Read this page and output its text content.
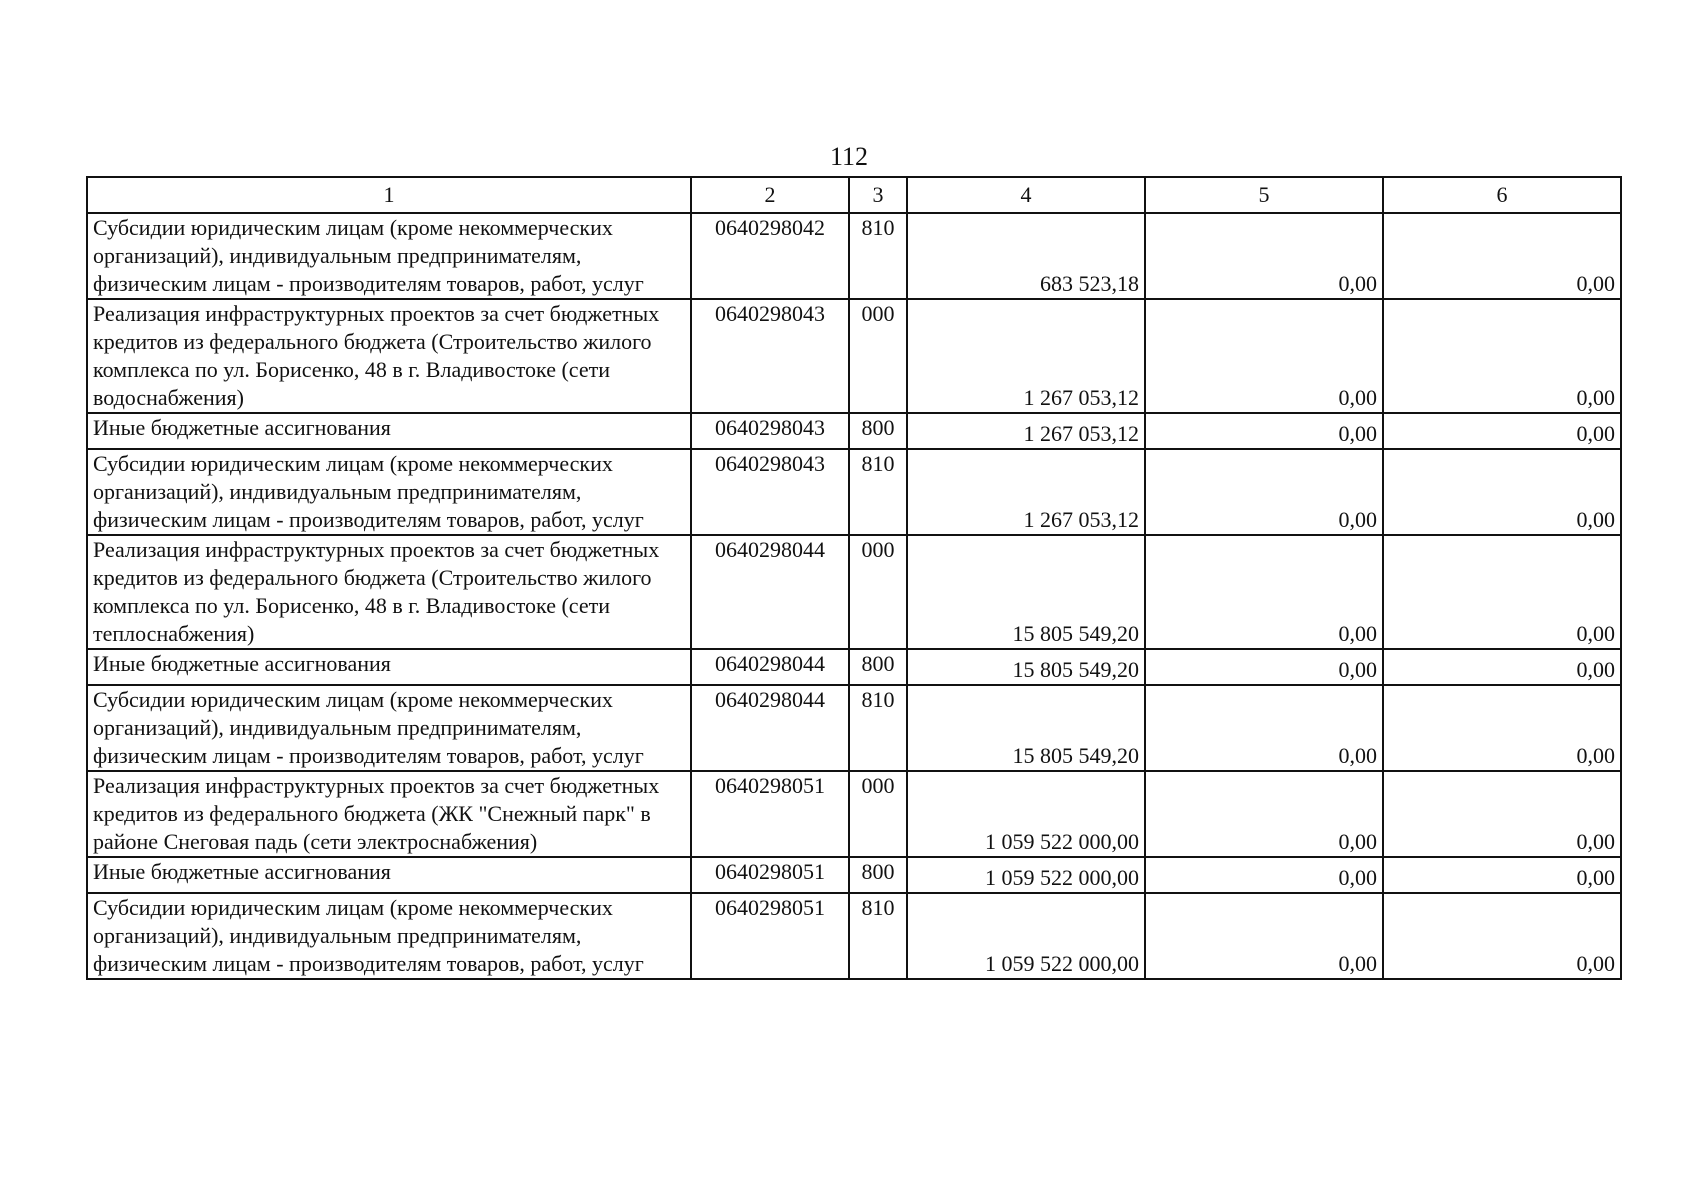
112
1	2	3	4	5	6
Субсидии юридическим лицам (кроме некоммерческих организаций), индивидуальным предпринимателям, физическим лицам - производителям товаров, работ, услуг	0640298042	810	683 523,18	0,00	0,00
Реализация инфраструктурных проектов за счет бюджетных кредитов из федерального бюджета (Строительство жилого комплекса по ул. Борисенко, 48 в г. Владивостоке (сети водоснабжения)	0640298043	000	1 267 053,12	0,00	0,00
Иные бюджетные ассигнования	0640298043	800	1 267 053,12	0,00	0,00
Субсидии юридическим лицам (кроме некоммерческих организаций), индивидуальным предпринимателям, физическим лицам - производителям товаров, работ, услуг	0640298043	810	1 267 053,12	0,00	0,00
Реализация инфраструктурных проектов за счет бюджетных кредитов из федерального бюджета (Строительство жилого комплекса по ул. Борисенко, 48 в г. Владивостоке (сети теплоснабжения)	0640298044	000	15 805 549,20	0,00	0,00
Иные бюджетные ассигнования	0640298044	800	15 805 549,20	0,00	0,00
Субсидии юридическим лицам (кроме некоммерческих организаций), индивидуальным предпринимателям, физическим лицам - производителям товаров, работ, услуг	0640298044	810	15 805 549,20	0,00	0,00
Реализация инфраструктурных проектов за счет бюджетных кредитов из федерального бюджета (ЖК "Снежный парк" в районе Снеговая падь (сети электроснабжения)	0640298051	000	1 059 522 000,00	0,00	0,00
Иные бюджетные ассигнования	0640298051	800	1 059 522 000,00	0,00	0,00
Субсидии юридическим лицам (кроме некоммерческих организаций), индивидуальным предпринимателям, физическим лицам - производителям товаров, работ, услуг	0640298051	810	1 059 522 000,00	0,00	0,00
